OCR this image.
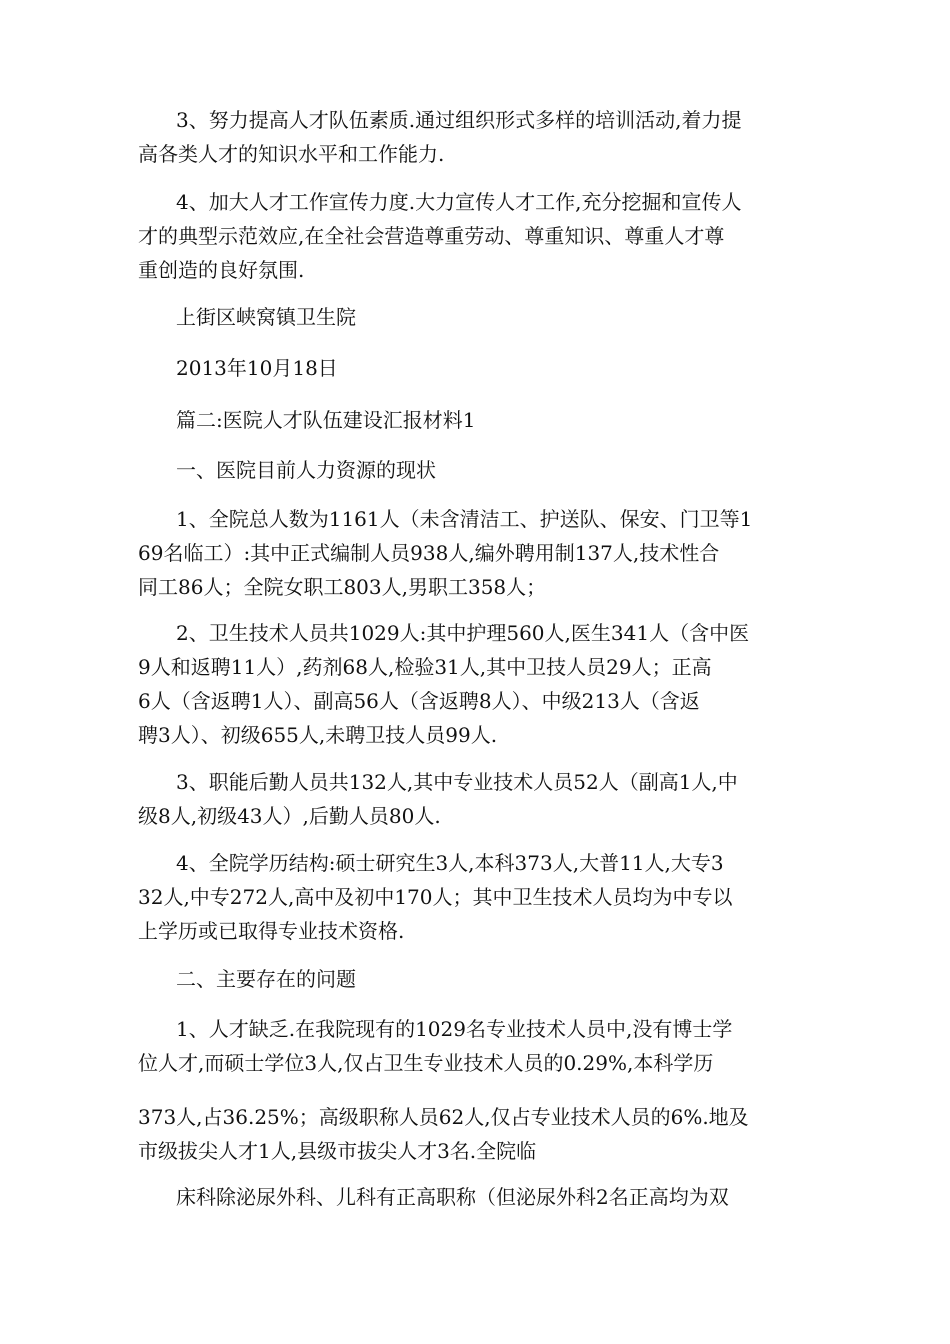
3、努力提高人才队伍素质.通过组织形式多样的培训活动,着力提
高各类人才的知识水平和工作能力.
4、加大人才工作宣传力度.大力宣传人才工作,充分挖掘和宣传人
才的典型示范效应,在全社会营造尊重劳动、尊重知识、尊重人才尊
重创造的良好氛围.
上街区峡窝镇卫生院
2013年10月18日
篇二:医院人才队伍建设汇报材料1
一、医院目前人力资源的现状
1、全院总人数为1161人（未含清洁工、护送队、保安、门卫等1
69名临工）:其中正式编制人员938人,编外聘用制137人,技术性合
同工86人；全院女职工803人,男职工358人；
2、卫生技术人员共1029人:其中护理560人,医生341人（含中医
9人和返聘11人）,药剂68人,检验31人,其中卫技人员29人；正高
6人（含返聘1人）、副高56人（含返聘8人）、中级213人（含返
聘3人）、初级655人,未聘卫技人员99人.
3、职能后勤人员共132人,其中专业技术人员52人（副高1人,中
级8人,初级43人）,后勤人员80人.
4、全院学历结构:硕士研究生3人,本科373人,大普11人,大专3
32人,中专272人,高中及初中170人；其中卫生技术人员均为中专以
上学历或已取得专业技术资格.
二、主要存在的问题
1、人才缺乏.在我院现有的1029名专业技术人员中,没有博士学
位人才,而硕士学位3人,仅占卫生专业技术人员的0.29%,本科学历
373人,占36.25%；高级职称人员62人,仅占专业技术人员的6%.地及
市级拔尖人才1人,县级市拔尖人才3名.全院临
床科除泌尿外科、儿科有正高职称（但泌尿外科2名正高均为双
